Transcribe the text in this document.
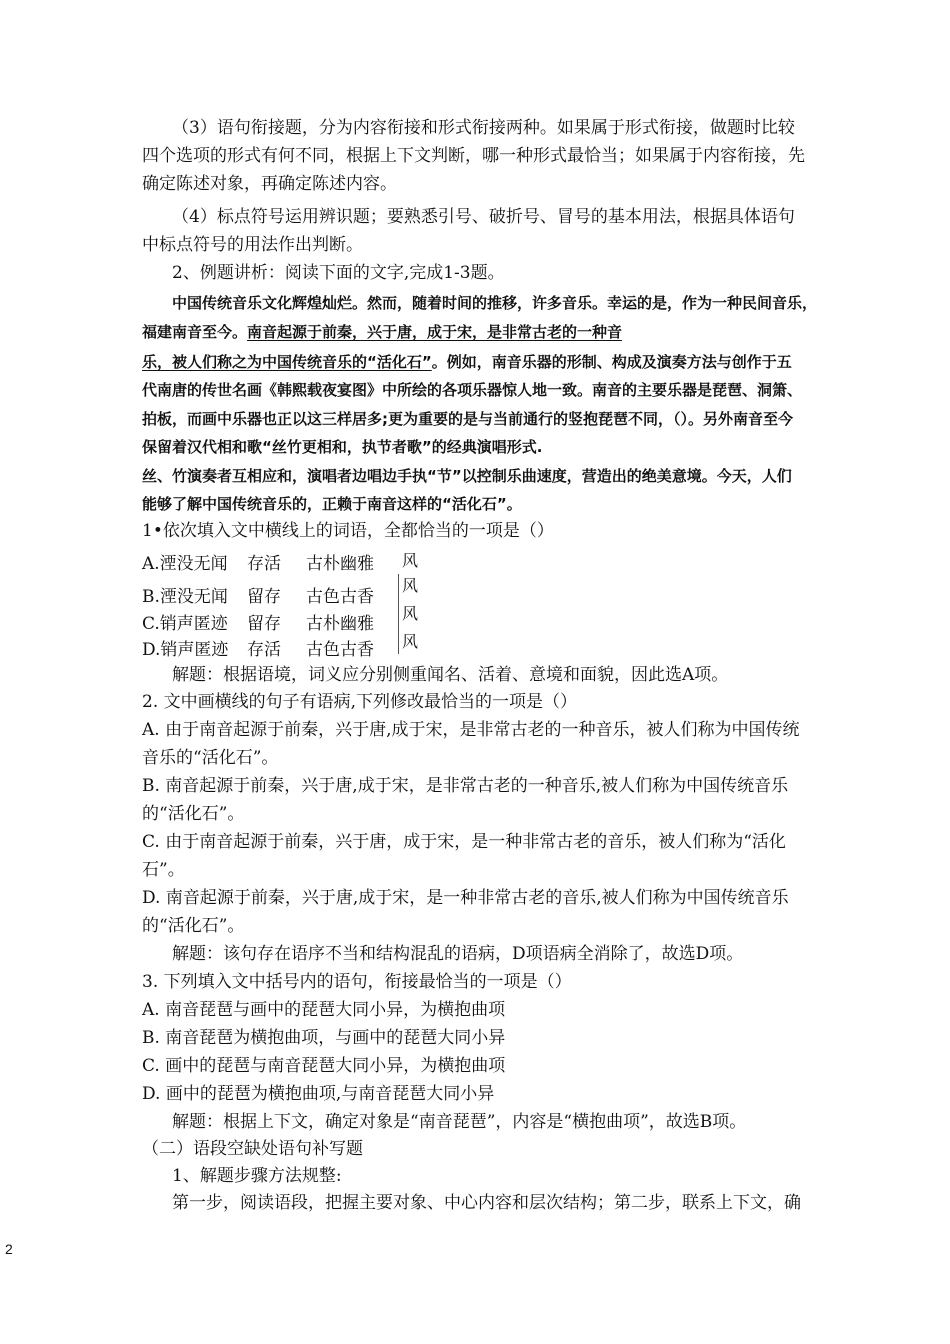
（3）语句衔接题，分为内容衔接和形式衔接两种。如果属于形式衔接，做题时比较
四个选项的形式有何不同，根据上下文判断，哪一种形式最恰当；如果属于内容衔接，先
确定陈述对象，再确定陈述内容。
（4）标点符号运用辨识题；要熟悉引号、破折号、冒号的基本用法，根据具体语句
中标点符号的用法作出判断。
2、例题讲析：阅读下面的文字,完成1-3题。
中国传统音乐文化辉煌灿烂。然而，随着时间的推移，许多音乐。幸运的是，作为一种民间音乐，
福建南音至今。南音起源于前秦，兴于唐，成于宋，是非常古老的一种音
乐，被人们称之为中国传统音乐的“活化石”。例如，南音乐器的形制、构成及演奏方法与创作于五
代南唐的传世名画《韩熙载夜宴图》中所绘的各项乐器惊人地一致。南音的主要乐器是琵琶、洞箫、
拍板，而画中乐器也正以这三样居多;更为重要的是与当前通行的竖抱琵琶不同，（）。另外南音至今
保留着汉代相和歌“丝竹更相和，执节者歌”的经典演唱形式.
丝、竹演奏者互相应和，演唱者边唱边手执“节”以控制乐曲速度，营造出的绝美意境。今天，人们
能够了解中国传统音乐的，正赖于南音这样的“活化石”。
1•依次填入文中横线上的词语，全都恰当的一项是（）
A.湮没无闻 存活 古朴幽雅 风
B.湮没无闻 留存 古色古香
风
C.销声匿迹 留存 古朴幽雅
风
D.销声匿迹 存活 古色古香 风
解题：根据语境，词义应分别侧重闻名、活着、意境和面貌，因此选A项。
2. 文中画横线的句子有语病,下列修改最恰当的一项是（）
A. 由于南音起源于前秦，兴于唐,成于宋，是非常古老的一种音乐，被人们称为中国传统
音乐的“活化石”。
B. 南音起源于前秦，兴于唐,成于宋，是非常古老的一种音乐,被人们称为中国传统音乐
的“活化石”。
C. 由于南音起源于前秦，兴于唐，成于宋，是一种非常古老的音乐，被人们称为“活化
石”。
D. 南音起源于前秦，兴于唐,成于宋，是一种非常古老的音乐,被人们称为中国传统音乐
的“活化石”。
解题：该句存在语序不当和结构混乱的语病，D项语病全消除了，故选D项。
3. 下列填入文中括号内的语句，衔接最恰当的一项是（）
A. 南音琵琶与画中的琵琶大同小异，为横抱曲项
B. 南音琵琶为横抱曲项，与画中的琵琶大同小异
C. 画中的琵琶与南音琵琶大同小异，为横抱曲项
D. 画中的琵琶为横抱曲项,与南音琵琶大同小异
解题：根据上下文，确定对象是“南音琵琶”，内容是“横抱曲项”，故选B项。
（二）语段空缺处语句补写题
1、解题步骤方法规整:
第一步，阅读语段，把握主要对象、中心内容和层次结构；第二步，联系上下文，确
2
